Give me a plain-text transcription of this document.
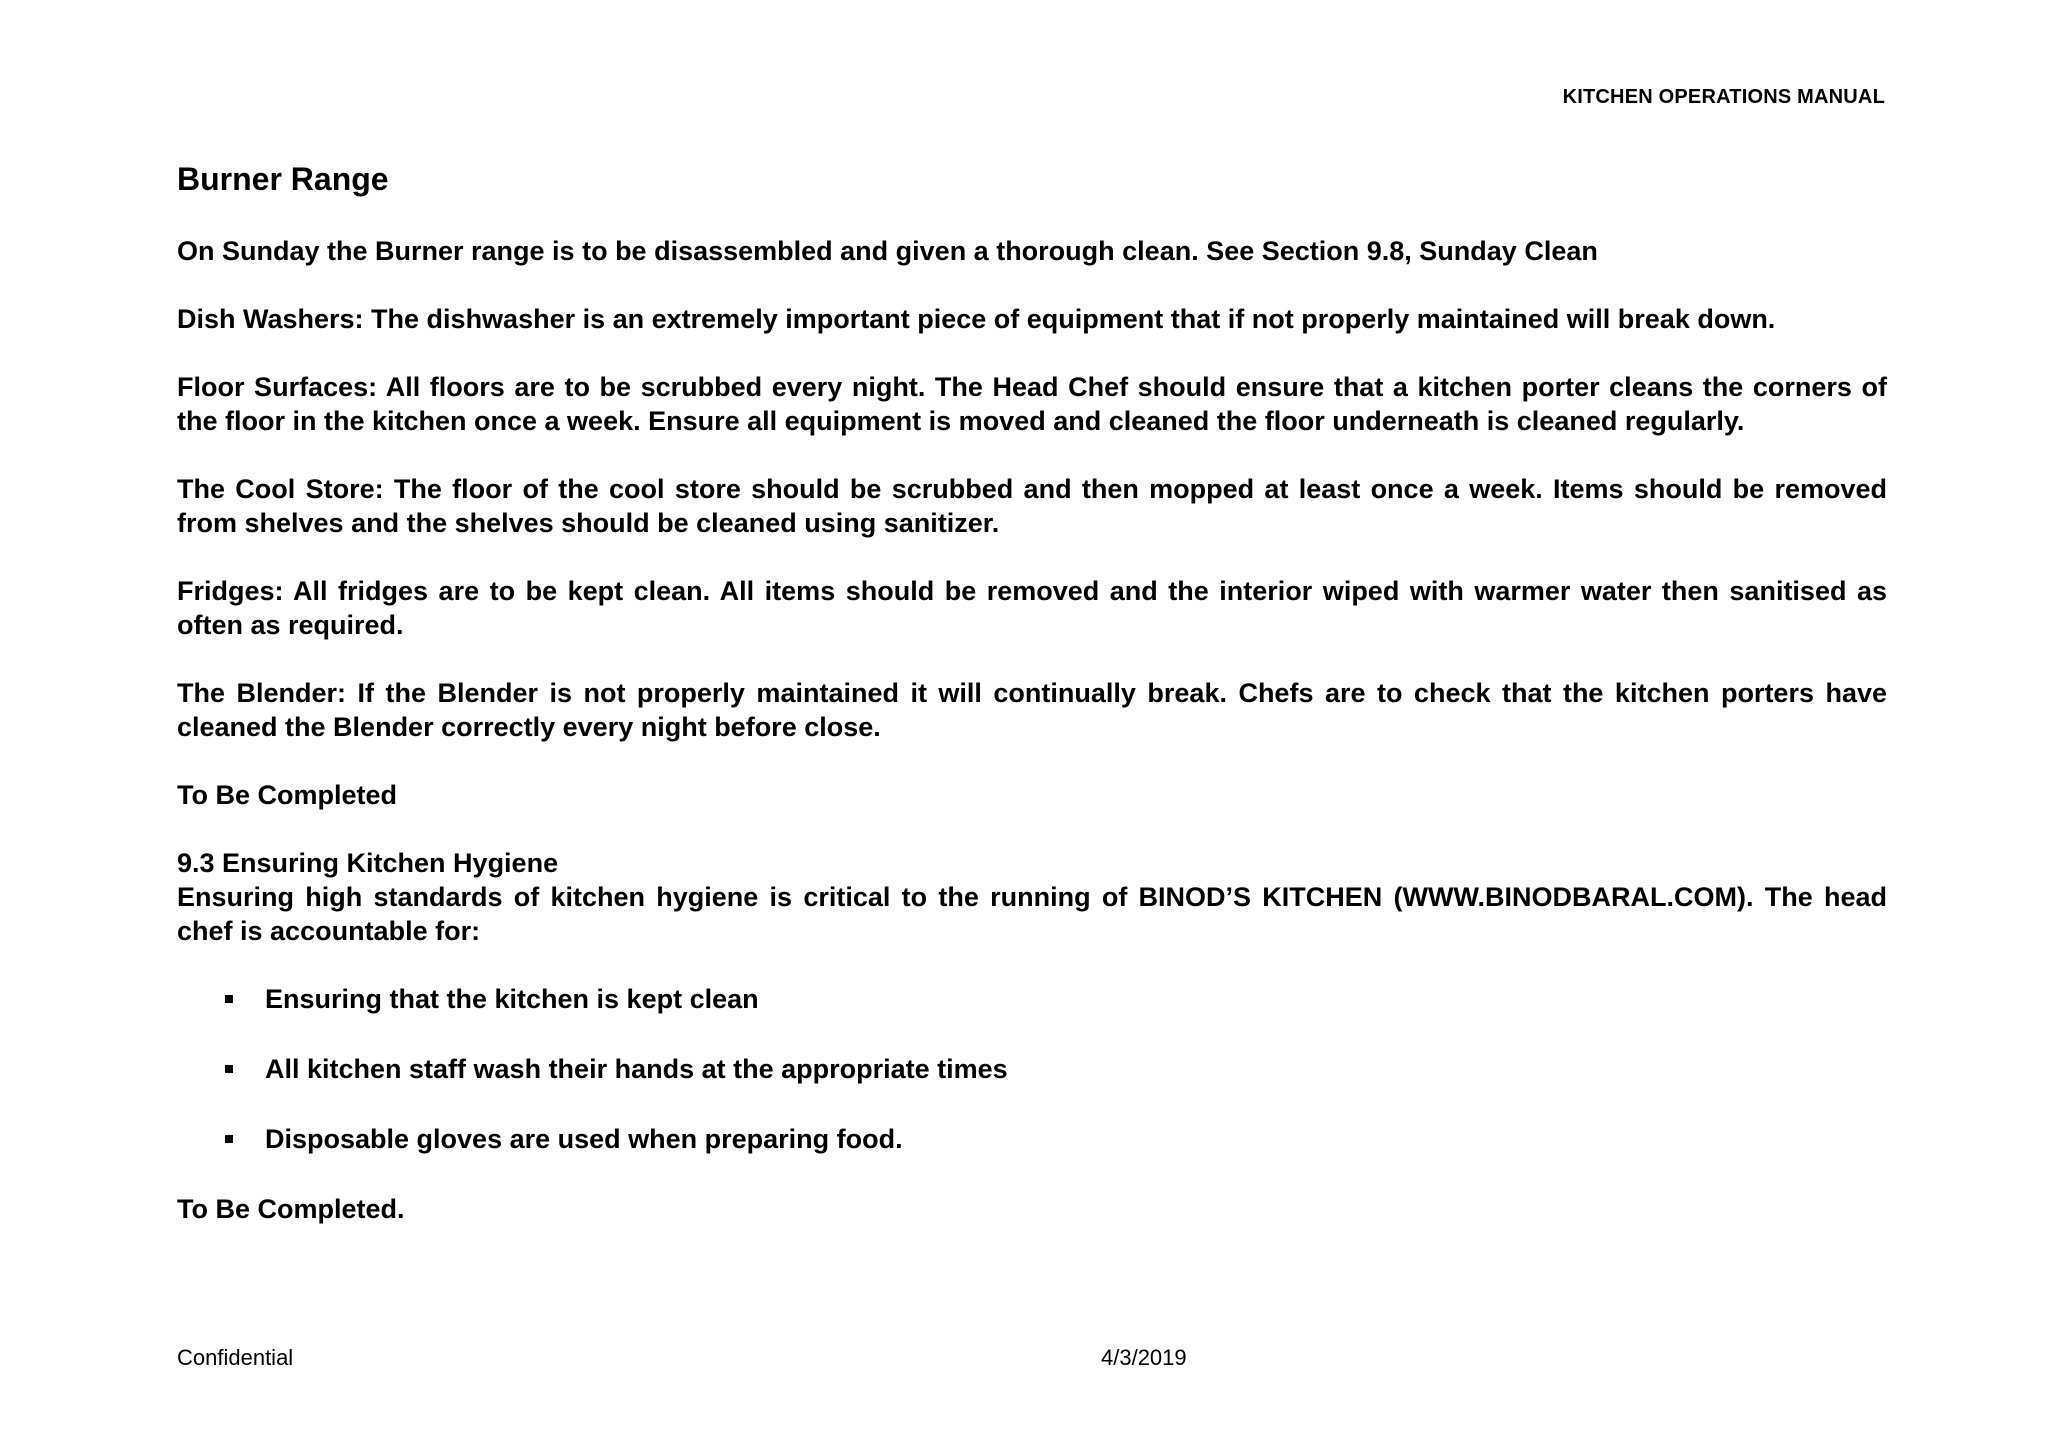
KITCHEN OPERATIONS MANUAL
Burner Range

On Sunday the Burner range is to be disassembled and given a thorough clean. See Section 9.8, Sunday Clean

Dish Washers: The dishwasher is an extremely important piece of equipment that if not properly maintained will break down.

Floor Surfaces: All floors are to be scrubbed every night. The Head Chef should ensure that a kitchen porter cleans the corners of the floor in the kitchen once a week. Ensure all equipment is moved and cleaned the floor underneath is cleaned regularly.

The Cool Store: The floor of the cool store should be scrubbed and then mopped at least once a week. Items should be removed from shelves and the shelves should be cleaned using sanitizer.

Fridges: All fridges are to be kept clean. All items should be removed and the interior wiped with warmer water then sanitised as often as required.

The Blender: If the Blender is not properly maintained it will continually break. Chefs are to check that the kitchen porters have cleaned the Blender correctly every night before close.

To Be Completed

9.3 Ensuring Kitchen Hygiene

Ensuring high standards of kitchen hygiene is critical to the running of BINOD’S KITCHEN (WWW.BINODBARAL.COM). The head chef is accountable for:

Ensuring that the kitchen is kept clean
All kitchen staff wash their hands at the appropriate times
Disposable gloves are used when preparing food.

To Be Completed.

Confidential	4/3/2019
